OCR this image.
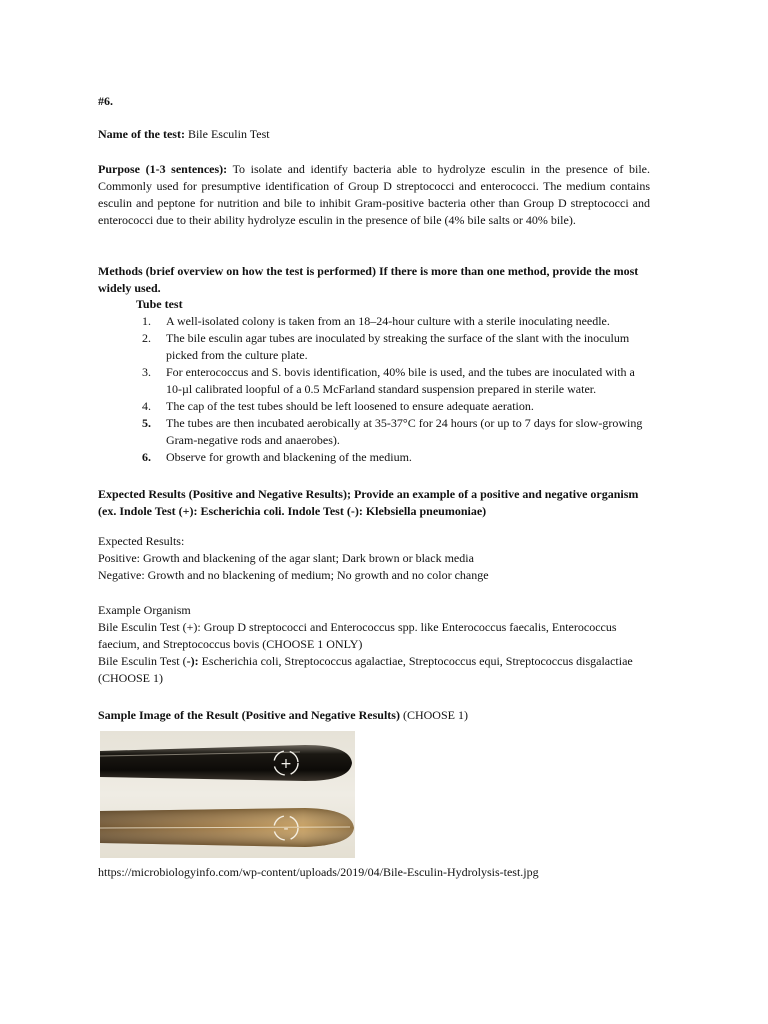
#6.
Name of the test: Bile Esculin Test
Purpose (1-3 sentences): To isolate and identify bacteria able to hydrolyze esculin in the presence of bile. Commonly used for presumptive identification of Group D streptococci and enterococci. The medium contains esculin and peptone for nutrition and bile to inhibit Gram-positive bacteria other than Group D streptococci and enterococci due to their ability hydrolyze esculin in the presence of bile (4% bile salts or 40% bile).
Methods (brief overview on how the test is performed) If there is more than one method, provide the most widely used.
Tube test
1. A well-isolated colony is taken from an 18–24-hour culture with a sterile inoculating needle.
2. The bile esculin agar tubes are inoculated by streaking the surface of the slant with the inoculum picked from the culture plate.
3. For enterococcus and S. bovis identification, 40% bile is used, and the tubes are inoculated with a 10-µl calibrated loopful of a 0.5 McFarland standard suspension prepared in sterile water.
4. The cap of the test tubes should be left loosened to ensure adequate aeration.
5. The tubes are then incubated aerobically at 35-37°C for 24 hours (or up to 7 days for slow-growing Gram-negative rods and anaerobes).
6. Observe for growth and blackening of the medium.
Expected Results (Positive and Negative Results); Provide an example of a positive and negative organism (ex. Indole Test (+): Escherichia coli. Indole Test (-): Klebsiella pneumoniae)
Expected Results:
Positive: Growth and blackening of the agar slant; Dark brown or black media
Negative: Growth and no blackening of medium; No growth and no color change
Example Organism
Bile Esculin Test (+): Group D streptococci and Enterococcus spp. like Enterococcus faecalis, Enterococcus faecium, and Streptococcus bovis (CHOOSE 1 ONLY)
Bile Esculin Test (-): Escherichia coli, Streptococcus agalactiae, Streptococcus equi, Streptococcus disgalactiae (CHOOSE 1)
Sample Image of the Result (Positive and Negative Results) (CHOOSE 1)
+
-
https://microbiologyinfo.com/wp-content/uploads/2019/04/Bile-Esculin-Hydrolysis-test.jpg
